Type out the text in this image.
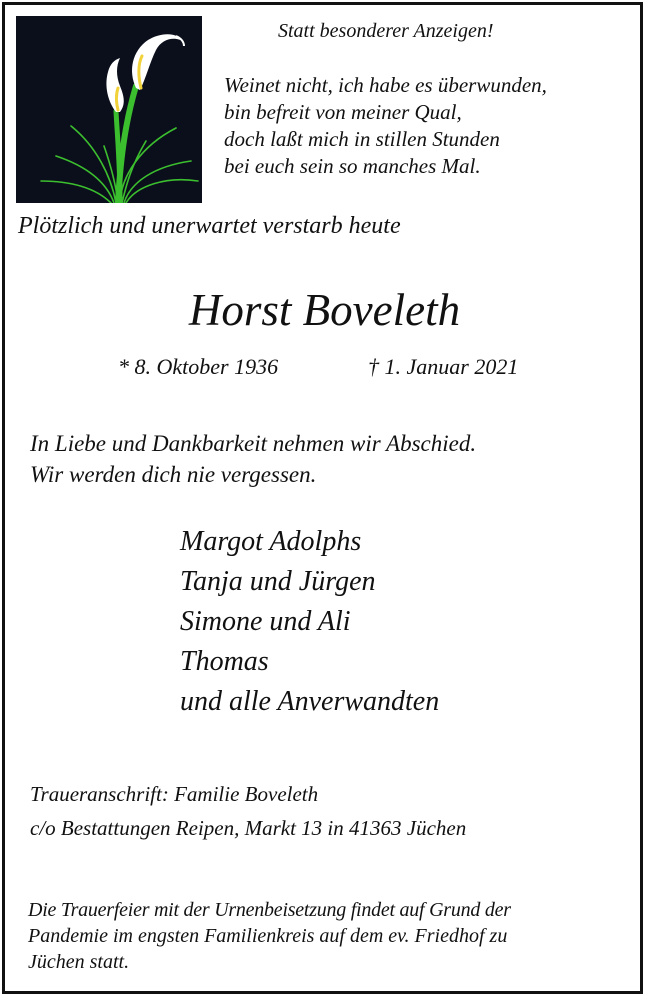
Statt besonderer Anzeigen!
Weinet nicht, ich habe es überwunden,
bin befreit von meiner Qual,
doch laßt mich in stillen Stunden
bei euch sein so manches Mal.
Plötzlich und unerwartet verstarb heute
Horst Boveleth
* 8. Oktober 1936	† 1. Januar 2021
In Liebe und Dankbarkeit nehmen wir Abschied.
Wir werden dich nie vergessen.
Margot Adolphs
Tanja und Jürgen
Simone und Ali
Thomas
und alle Anverwandten
Traueranschrift: Familie Boveleth
c/o Bestattungen Reipen, Markt 13 in 41363 Jüchen
Die Trauerfeier mit der Urnenbeisetzung findet auf Grund der
Pandemie im engsten Familienkreis auf dem ev. Friedhof zu
Jüchen statt.
